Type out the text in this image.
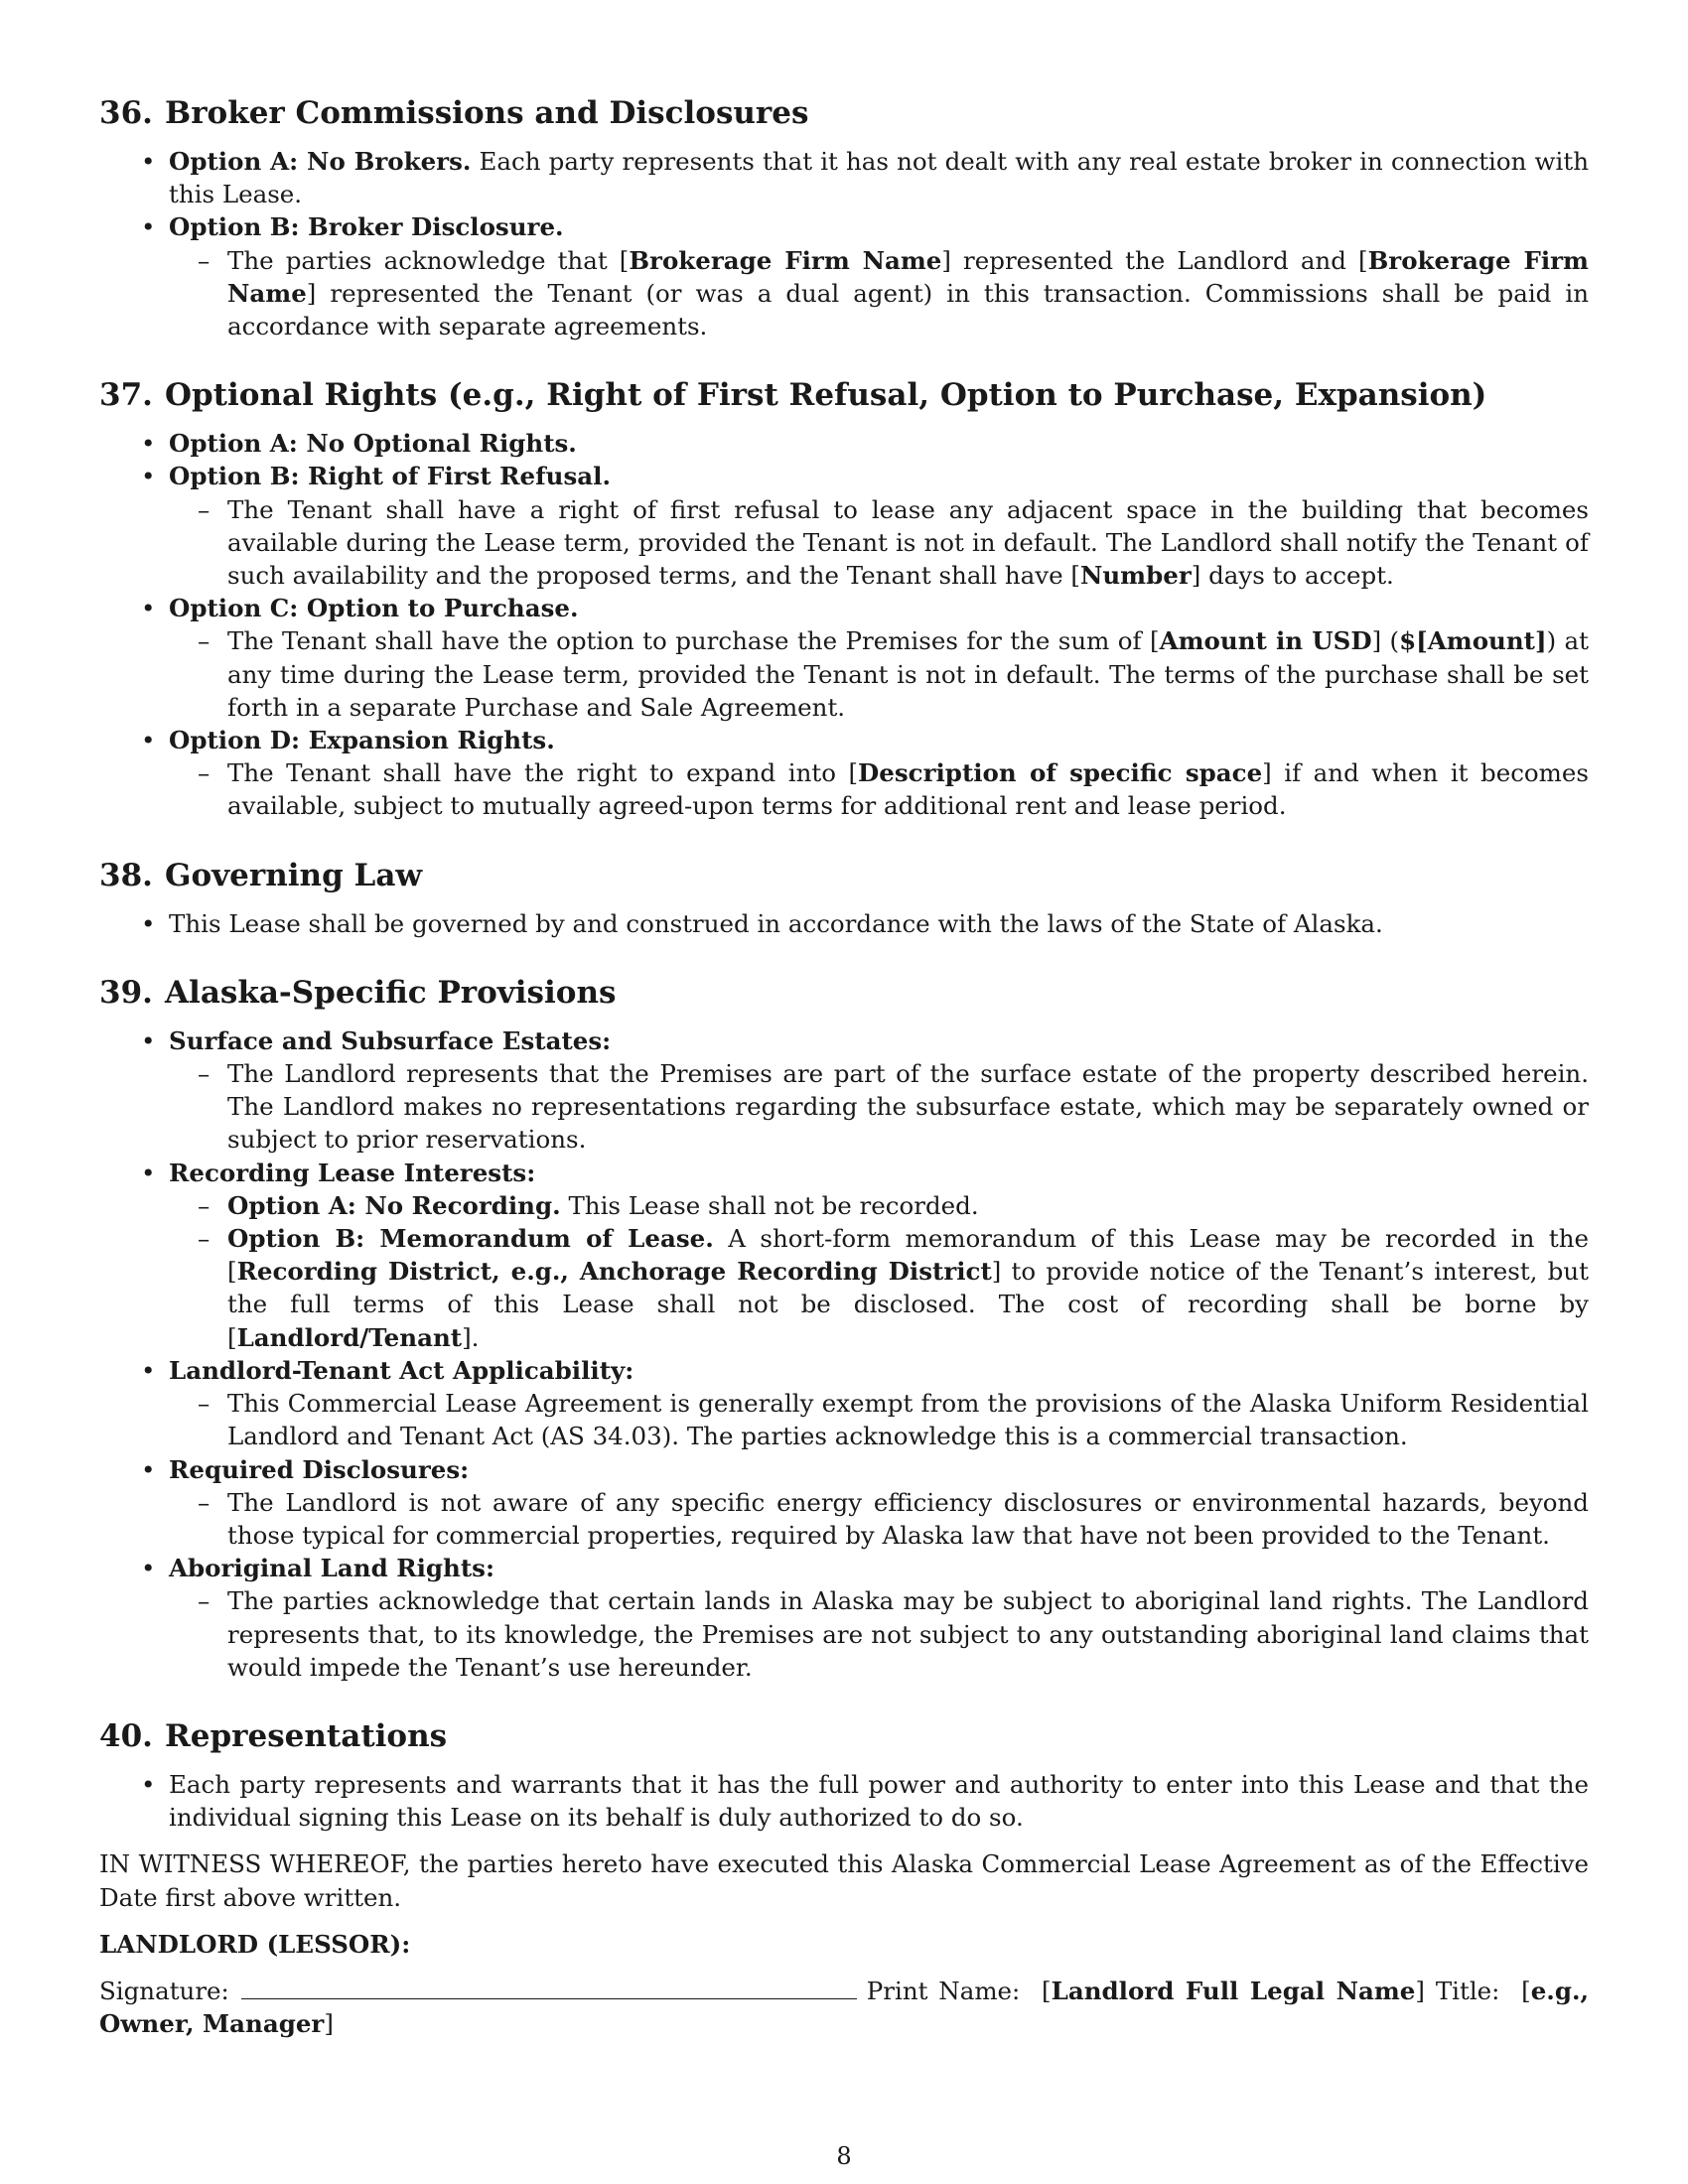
36. Broker Commissions and Disclosures
• Option A: No Brokers. Each party represents that it has not dealt with any real estate broker in connection with this Lease.
• Option B: Broker Disclosure.
– The parties acknowledge that [Brokerage Firm Name] represented the Landlord and [Brokerage Firm Name] represented the Tenant (or was a dual agent) in this transaction. Commissions shall be paid in accordance with separate agreements.
37. Optional Rights (e.g., Right of First Refusal, Option to Purchase, Expansion)
• Option A: No Optional Rights.
• Option B: Right of First Refusal.
– The Tenant shall have a right of first refusal to lease any adjacent space in the building that becomes available during the Lease term, provided the Tenant is not in default. The Landlord shall notify the Tenant of such availability and the proposed terms, and the Tenant shall have [Number] days to accept.
• Option C: Option to Purchase.
– The Tenant shall have the option to purchase the Premises for the sum of [Amount in USD] ($[Amount]) at any time during the Lease term, provided the Tenant is not in default. The terms of the purchase shall be set forth in a separate Purchase and Sale Agreement.
• Option D: Expansion Rights.
– The Tenant shall have the right to expand into [Description of specific space] if and when it becomes available, subject to mutually agreed-upon terms for additional rent and lease period.
38. Governing Law
• This Lease shall be governed by and construed in accordance with the laws of the State of Alaska.
39. Alaska-Specific Provisions
• Surface and Subsurface Estates:
– The Landlord represents that the Premises are part of the surface estate of the property described herein. The Landlord makes no representations regarding the subsurface estate, which may be separately owned or subject to prior reservations.
• Recording Lease Interests:
– Option A: No Recording. This Lease shall not be recorded.
– Option B: Memorandum of Lease. A short-form memorandum of this Lease may be recorded in the [Recording District, e.g., Anchorage Recording District] to provide notice of the Tenant’s interest, but the full terms of this Lease shall not be disclosed. The cost of recording shall be borne by [Landlord/Tenant].
• Landlord-Tenant Act Applicability:
– This Commercial Lease Agreement is generally exempt from the provisions of the Alaska Uniform Residential Landlord and Tenant Act (AS 34.03). The parties acknowledge this is a commercial transaction.
• Required Disclosures:
– The Landlord is not aware of any specific energy efficiency disclosures or environmental hazards, beyond those typical for commercial properties, required by Alaska law that have not been provided to the Tenant.
• Aboriginal Land Rights:
– The parties acknowledge that certain lands in Alaska may be subject to aboriginal land rights. The Landlord represents that, to its knowledge, the Premises are not subject to any outstanding aboriginal land claims that would impede the Tenant’s use hereunder.
40. Representations
• Each party represents and warrants that it has the full power and authority to enter into this Lease and that the individual signing this Lease on its behalf is duly authorized to do so.

IN WITNESS WHEREOF, the parties hereto have executed this Alaska Commercial Lease Agreement as of the Effective Date first above written.

LANDLORD (LESSOR):
Signature:	Print Name: [Landlord Full Legal Name] Title: [e.g., Owner, Manager]
8
